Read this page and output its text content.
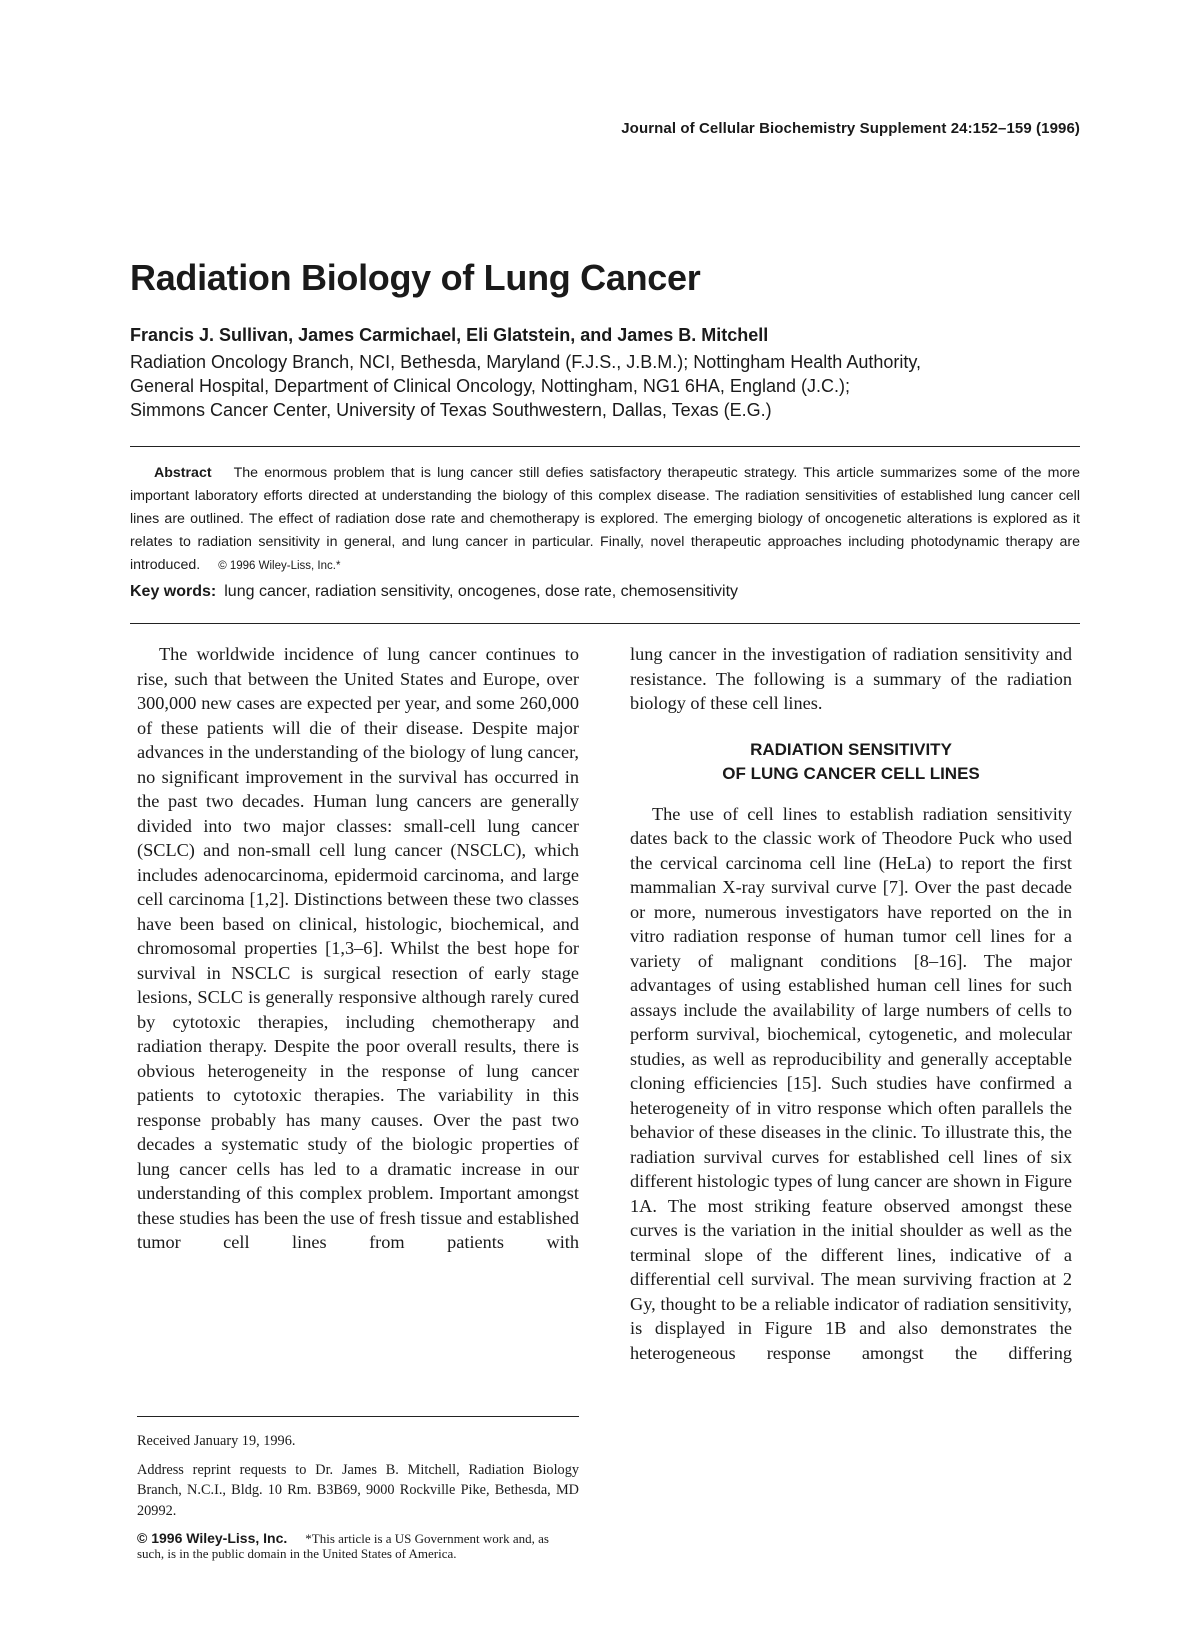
Journal of Cellular Biochemistry Supplement 24:152–159 (1996)
Radiation Biology of Lung Cancer
Francis J. Sullivan, James Carmichael, Eli Glatstein, and James B. Mitchell
Radiation Oncology Branch, NCI, Bethesda, Maryland (F.J.S., J.B.M.); Nottingham Health Authority,
General Hospital, Department of Clinical Oncology, Nottingham, NG1 6HA, England (J.C.);
Simmons Cancer Center, University of Texas Southwestern, Dallas, Texas (E.G.)
Abstract The enormous problem that is lung cancer still defies satisfactory therapeutic strategy. This article summarizes some of the more important laboratory efforts directed at understanding the biology of this complex disease. The radiation sensitivities of established lung cancer cell lines are outlined. The effect of radiation dose rate and chemotherapy is explored. The emerging biology of oncogenetic alterations is explored as it relates to radiation sensitivity in general, and lung cancer in particular. Finally, novel therapeutic approaches including photodynamic therapy are introduced. © 1996 Wiley-Liss, Inc.*
Key words: lung cancer, radiation sensitivity, oncogenes, dose rate, chemosensitivity

The worldwide incidence of lung cancer continues to rise, such that between the United States and Europe, over 300,000 new cases are expected per year, and some 260,000 of these patients will die of their disease. Despite major advances in the understanding of the biology of lung cancer, no significant improvement in the survival has occurred in the past two decades. Human lung cancers are generally divided into two major classes: small-cell lung cancer (SCLC) and non-small cell lung cancer (NSCLC), which includes adenocarcinoma, epidermoid carcinoma, and large cell carcinoma [1,2]. Distinctions between these two classes have been based on clinical, histologic, biochemical, and chromosomal properties [1,3–6]. Whilst the best hope for survival in NSCLC is surgical resection of early stage lesions, SCLC is generally responsive although rarely cured by cytotoxic therapies, including chemotherapy and radiation therapy. Despite the poor overall results, there is obvious heterogeneity in the response of lung cancer patients to cytotoxic therapies. The variability in this response probably has many causes. Over the past two decades a systematic study of the biologic properties of lung cancer cells has led to a dramatic increase in our understanding of this complex problem. Important amongst these studies has been the use of fresh tissue and established tumor cell lines from patients with

lung cancer in the investigation of radiation sensitivity and resistance. The following is a summary of the radiation biology of these cell lines.

RADIATION SENSITIVITY
OF LUNG CANCER CELL LINES

The use of cell lines to establish radiation sensitivity dates back to the classic work of Theodore Puck who used the cervical carcinoma cell line (HeLa) to report the first mammalian X-ray survival curve [7]. Over the past decade or more, numerous investigators have reported on the in vitro radiation response of human tumor cell lines for a variety of malignant conditions [8–16]. The major advantages of using established human cell lines for such assays include the availability of large numbers of cells to perform survival, biochemical, cytogenetic, and molecular studies, as well as reproducibility and generally acceptable cloning efficiencies [15]. Such studies have confirmed a heterogeneity of in vitro response which often parallels the behavior of these diseases in the clinic. To illustrate this, the radiation survival curves for established cell lines of six different histologic types of lung cancer are shown in Figure 1A. The most striking feature observed amongst these curves is the variation in the initial shoulder as well as the terminal slope of the different lines, indicative of a differential cell survival. The mean surviving fraction at 2 Gy, thought to be a reliable indicator of radiation sensitivity, is displayed in Figure 1B and also demonstrates the heterogeneous response amongst the differing

Received January 19, 1996.

Address reprint requests to Dr. James B. Mitchell, Radiation Biology Branch, N.C.I., Bldg. 10 Rm. B3B69, 9000 Rockville Pike, Bethesda, MD 20992.

© 1996 Wiley-Liss, Inc. *This article is a US Government work and, as such, is in the public domain in the United States of America.
